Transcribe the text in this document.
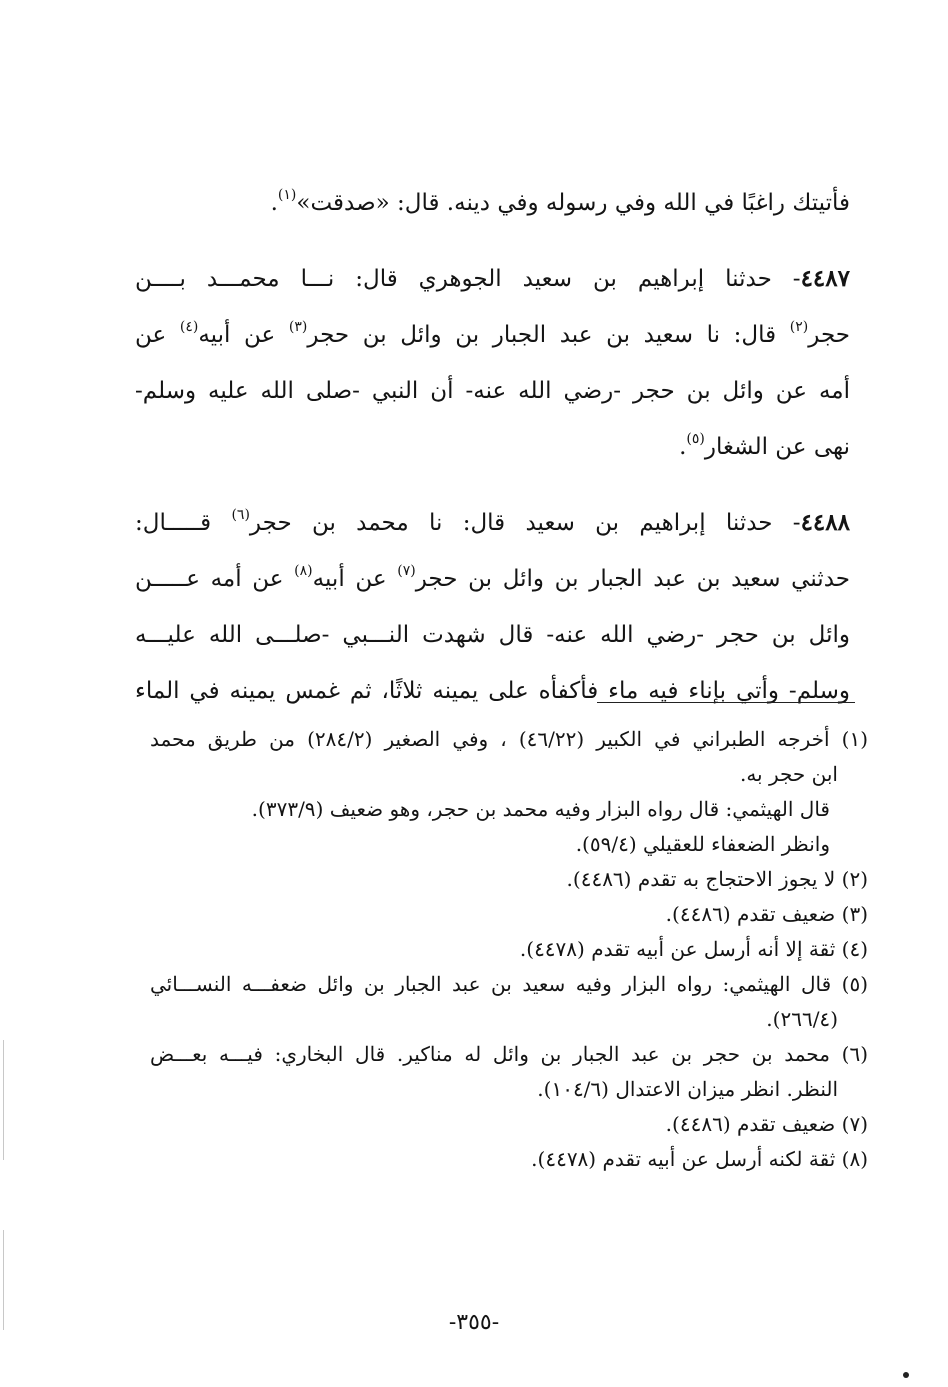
فأتيتك راغبًا في الله وفي رسوله وفي دينه. قال: «صدقت»$^{(١)}$.

٤٤٨٧- حدثنا إبراهيم بن سعيد الجوهري قال: نـــا محمـــد بــــن
حجر$^{(٢)}$ قال: نا سعيد بن عبد الجبار بن وائل بن حجر$^{(٣)}$ عن أبيه$^{(٤)}$ عن
أمه عن وائل بن حجر -رضي الله عنه- أن النبي -صلى الله عليه وسلم-
نهى عن الشغار$^{(٥)}$.

٤٤٨٨- حدثنا إبراهيم بن سعيد قال: نا محمد بن حجر$^{(٦)}$ قـــــال:
حدثني سعيد بن عبد الجبار بن وائل بن حجر$^{(٧)}$ عن أبيه$^{(٨)}$ عن أمه عـــــن
وائل بن حجر -رضي الله عنه- قال شهدت النـــبي -صلـــى الله عليـــه
وسلم- وأتي بإناء فيه ماء فأكفأه على يمينه ثلاثًا، ثم غمس يمينه في الماء

(١) أخرجه الطبراني في الكبير (٤٦/٢٢) ، وفي الصغير (٢٨٤/٢) من طريق محمد
ابن حجر به.
قال الهيثمي: قال رواه البزار وفيه محمد بن حجر، وهو ضعيف (٣٧٣/٩).
وانظر الضعفاء للعقيلي (٥٩/٤).
(٢) لا يجوز الاحتجاج به تقدم (٤٤٨٦).
(٣) ضعيف تقدم (٤٤٨٦).
(٤) ثقة إلا أنه أرسل عن أبيه تقدم (٤٤٧٨).
(٥) قال الهيثمي: رواه البزار وفيه سعيد بن عبد الجبار بن وائل ضعفـــه النســـائي
(٢٦٦/٤).
(٦) محمد بن حجر بن عبد الجبار بن وائل له مناكير. قال البخاري: فيـــه بعـــض
النظر. انظر ميزان الاعتدال (١٠٤/٦).
(٧) ضعيف تقدم (٤٤٨٦).
(٨) ثقة لكنه أرسل عن أبيه تقدم (٤٤٧٨).
-٣٥٥-
